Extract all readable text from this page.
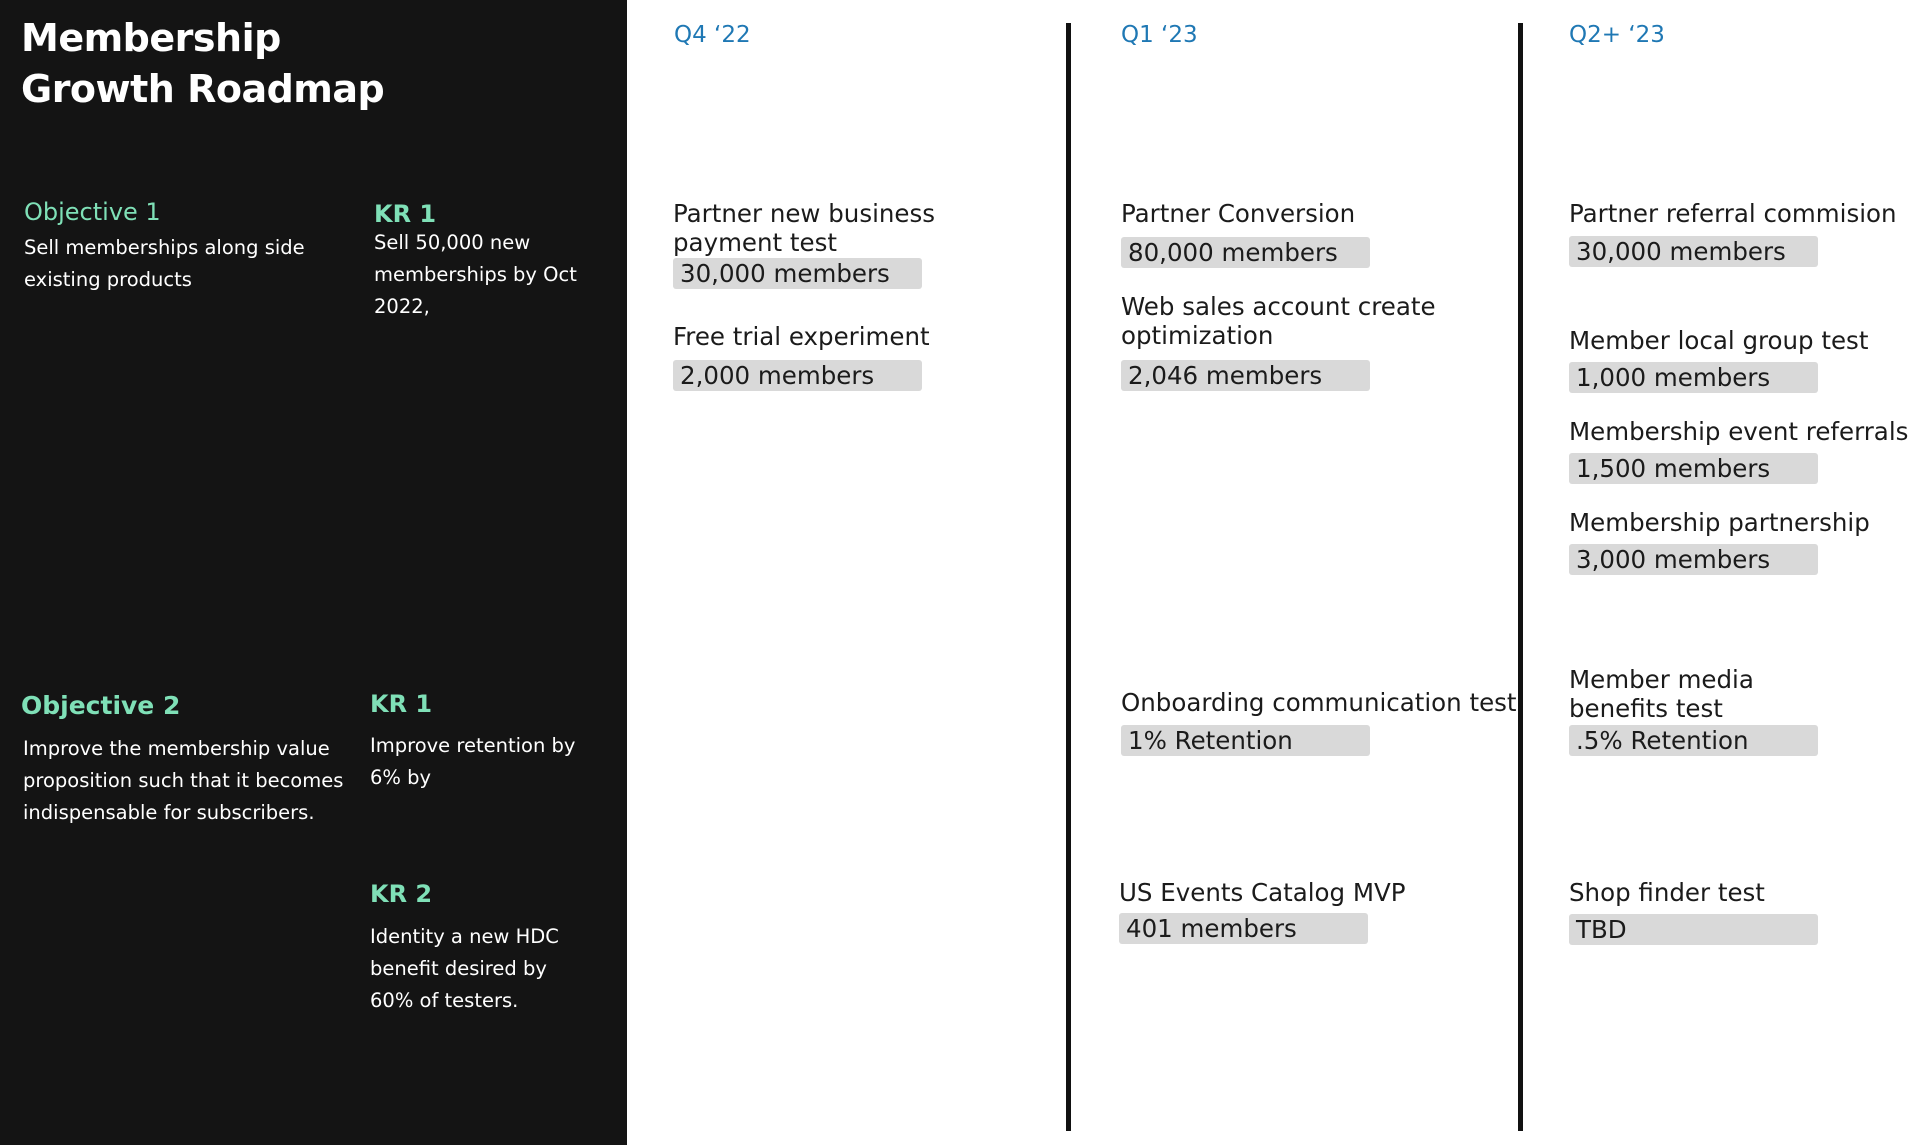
Membership Growth Roadmap
Objective 1
Sell memberships along side existing products
KR 1
Sell 50,000 new memberships by Oct 2022,
Objective 2
Improve the membership value proposition such that it becomes indispensable for subscribers.
KR 1
Improve retention by 6% by
KR 2
Identity a new HDC benefit desired by 60% of testers.
Q4 ‘22	Q1 ‘23	Q2+ ‘23
Partner new business payment test
30,000 members
Free trial experiment
2,000 members
Partner Conversion
80,000 members
Web sales account create optimization
2,046 members
Onboarding communication test
1% Retention
US Events Catalog MVP
401 members
Partner referral commision
30,000 members
Member local group test
1,000 members
Membership event referrals
1,500 members
Membership partnership
3,000 members
Member media benefits test
.5% Retention
Shop finder test
TBD
